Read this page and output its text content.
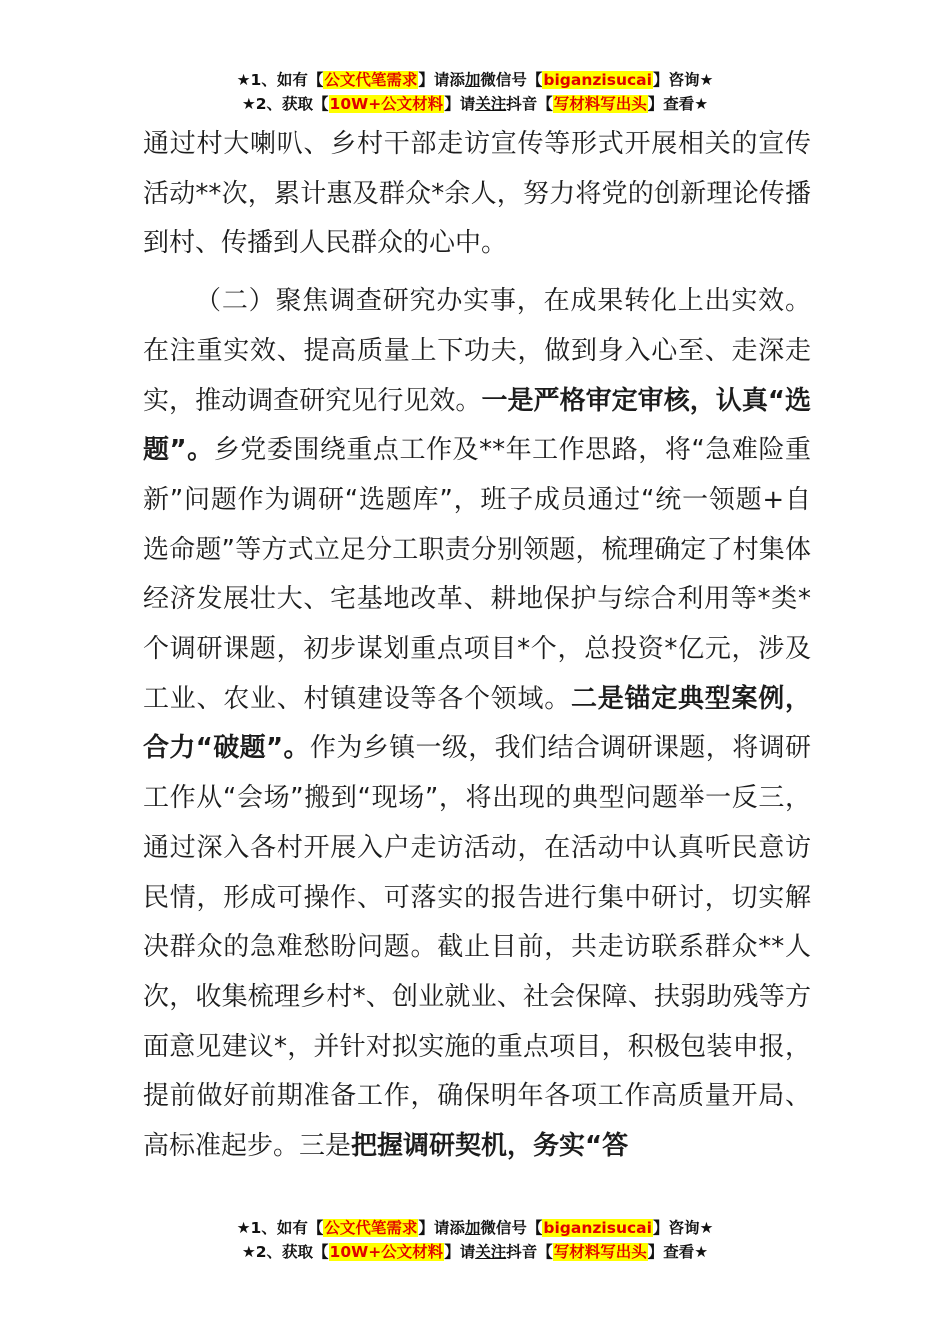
★1、如有【公文代笔需求】请添加微信号【biganzisucai】咨询★
★2、获取【10W+公文材料】请关注抖音【写材料写出头】查看★

通过村大喇叭、乡村干部走访宣传等形式开展相关的宣传活动**次，累计惠及群众*余人，努力将党的创新理论传播到村、传播到人民群众的心中。

（二）聚焦调查研究办实事，在成果转化上出实效。在注重实效、提高质量上下功夫，做到身入心至、走深走实，推动调查研究见行见效。一是严格审定审核，认真“选题”。乡党委围绕重点工作及**年工作思路，将“急难险重新”问题作为调研“选题库”，班子成员通过“统一领题+自选命题”等方式立足分工职责分别领题，梳理确定了村集体经济发展壮大、宅基地改革、耕地保护与综合利用等*类*个调研课题，初步谋划重点项目*个，总投资*亿元，涉及工业、农业、村镇建设等各个领域。二是锚定典型案例，合力“破题”。作为乡镇一级，我们结合调研课题，将调研工作从“会场”搬到“现场”，将出现的典型问题举一反三，通过深入各村开展入户走访活动，在活动中认真听民意访民情，形成可操作、可落实的报告进行集中研讨，切实解决群众的急难愁盼问题。截止目前，共走访联系群众**人次，收集梳理乡村*、创业就业、社会保障、扶弱助残等方面意见建议*，并针对拟实施的重点项目，积极包装申报，提前做好前期准备工作，确保明年各项工作高质量开局、高标准起步。三是把握调研契机，务实“答

★1、如有【公文代笔需求】请添加微信号【biganzisucai】咨询★
★2、获取【10W+公文材料】请关注抖音【写材料写出头】查看★
